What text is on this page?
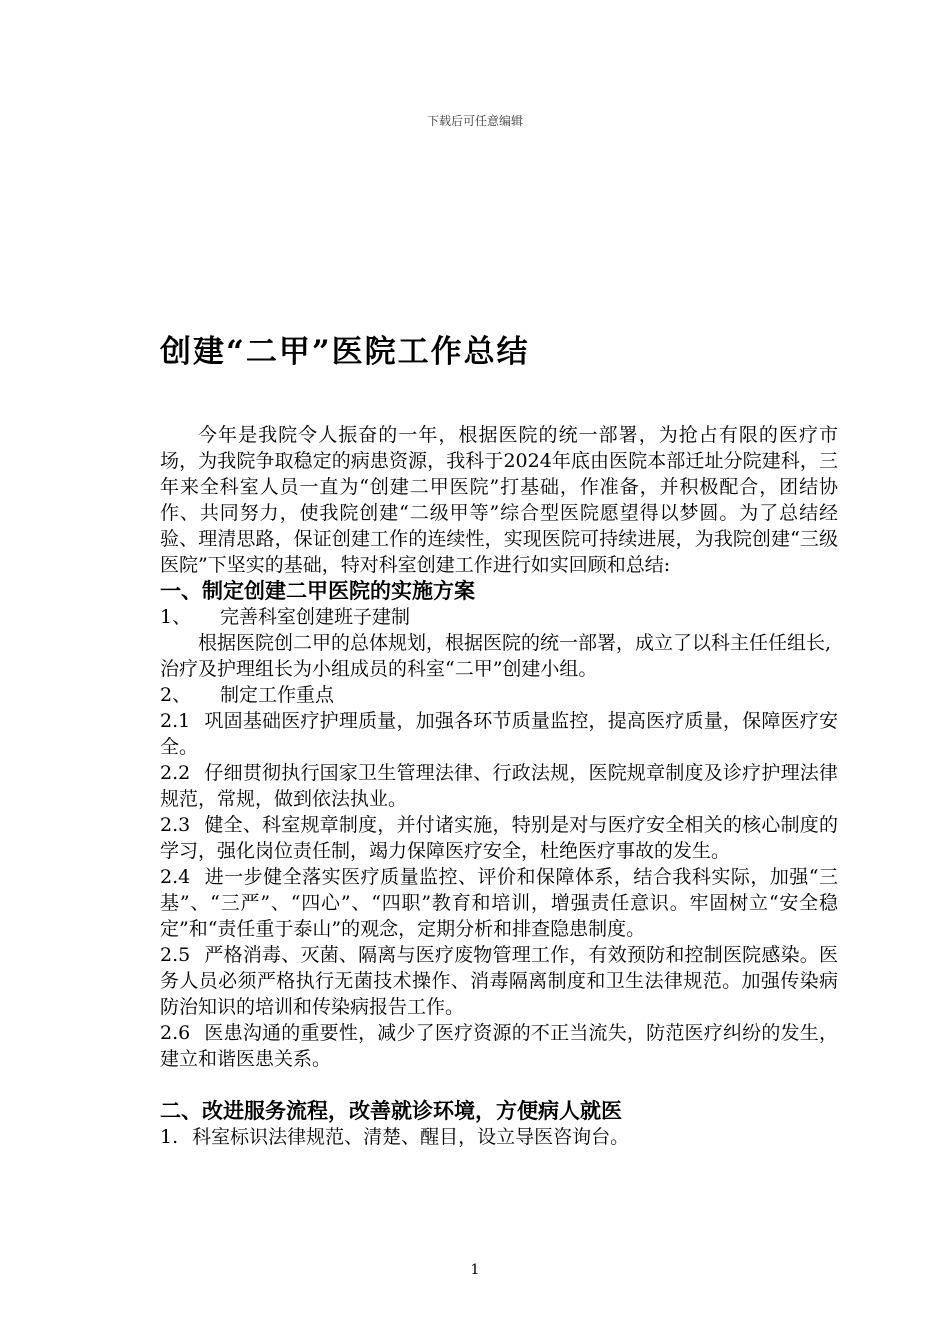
下载后可任意编辑
创建“二甲”医院工作总结

今年是我院令人振奋的一年，根据医院的统一部署，为抢占有限的医疗市场，为我院争取稳定的病患资源，我科于2024年底由医院本部迁址分院建科，三年来全科室人员一直为“创建二甲医院”打基础，作准备，并积极配合，团结协作、共同努力，使我院创建“二级甲等”综合型医院愿望得以梦圆。为了总结经验、理清思路，保证创建工作的连续性，实现医院可持续进展，为我院创建“三级医院”下坚实的基础，特对科室创建工作进行如实回顾和总结:

一、制定创建二甲医院的实施方案

1、 完善科室创建班子建制

根据医院创二甲的总体规划，根据医院的统一部署，成立了以科主任任组长,治疗及护理组长为小组成员的科室“二甲”创建小组。

2、 制定工作重点

2.1 巩固基础医疗护理质量，加强各环节质量监控，提高医疗质量，保障医疗安全。

2.2 仔细贯彻执行国家卫生管理法律、行政法规，医院规章制度及诊疗护理法律规范，常规，做到依法执业。

2.3 健全、科室规章制度，并付诸实施，特别是对与医疗安全相关的核心制度的学习，强化岗位责任制，竭力保障医疗安全，杜绝医疗事故的发生。

2.4 进一步健全落实医疗质量监控、评价和保障体系，结合我科实际，加强“三基”、“三严”、“四心”、“四职”教育和培训，增强责任意识。牢固树立“安全稳定”和“责任重于泰山”的观念，定期分析和排查隐患制度。

2.5 严格消毒、灭菌、隔离与医疗废物管理工作，有效预防和控制医院感染。医务人员必须严格执行无菌技术操作、消毒隔离制度和卫生法律规范。加强传染病防治知识的培训和传染病报告工作。

2.6 医患沟通的重要性，减少了医疗资源的不正当流失，防范医疗纠纷的发生，建立和谐医患关系。

二、改进服务流程，改善就诊环境，方便病人就医

1. 科室标识法律规范、清楚、醒目，设立导医咨询台。

1
